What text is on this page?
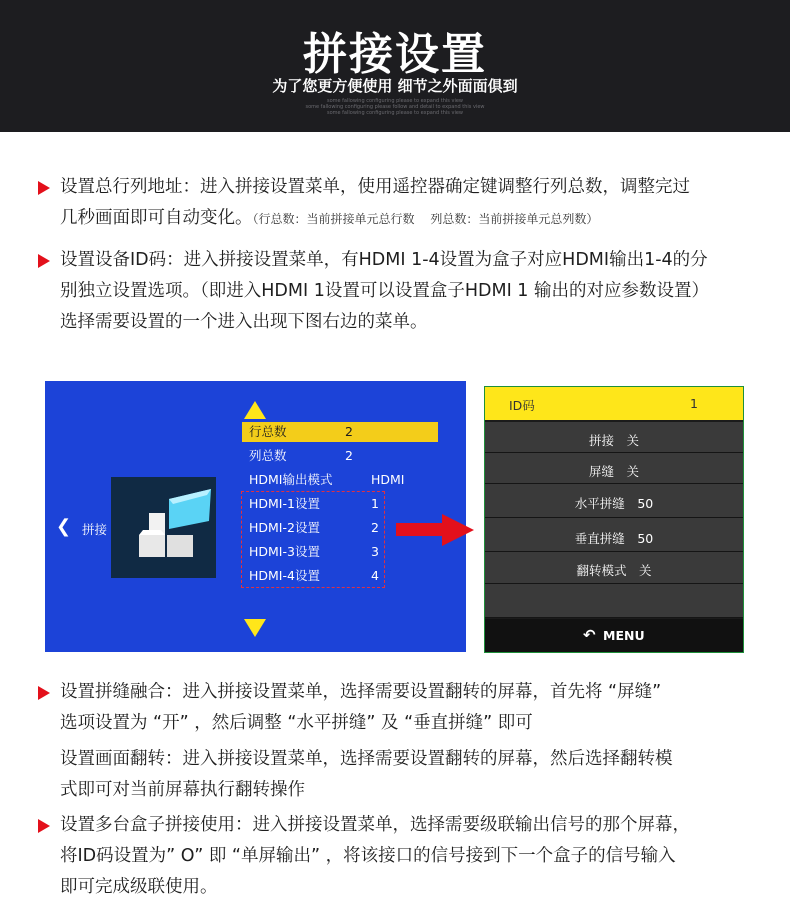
拼接设置
为了您更方便使用 细节之外面面俱到
some fallowing configuring please to expand this view
some fallowing configuring please follow and detail to expand this view
some fallowing configuring please to expand this view
设置总行列地址：进入拼接设置菜单，使用遥控器确定键调整行列总数，调整完过
几秒画面即可自动变化。（行总数：当前拼接单元总行数　 列总数：当前拼接单元总列数）
设置设备ID码：进入拼接设置菜单，有HDMI 1-4设置为盒子对应HDMI输出1-4的分
别独立设置选项。（即进入HDMI 1设置可以设置盒子HDMI 1 输出的对应参数设置）
选择需要设置的一个进入出现下图右边的菜单。
❮ 拼接
行总数	2
列总数	2
HDMI输出模式	HDMI
HDMI-1设置	1
HDMI-2设置	2
HDMI-3设置	3
HDMI-4设置	4
ID码	1
拼接　 关
屏缝　 关
水平拼缝　 50
垂直拼缝　 50
翻转模式　 关
↶ MENU
设置拼缝融合：进入拼接设置菜单，选择需要设置翻转的屏幕，首先将 “屏缝”
选项设置为 “开” ，然后调整 “水平拼缝” 及 “垂直拼缝” 即可
设置画面翻转：进入拼接设置菜单，选择需要设置翻转的屏幕，然后选择翻转模
式即可对当前屏幕执行翻转操作
设置多台盒子拼接使用：进入拼接设置菜单，选择需要级联输出信号的那个屏幕，
将ID码设置为” O” 即 “单屏输出” ，将该接口的信号接到下一个盒子的信号输入
即可完成级联使用。
